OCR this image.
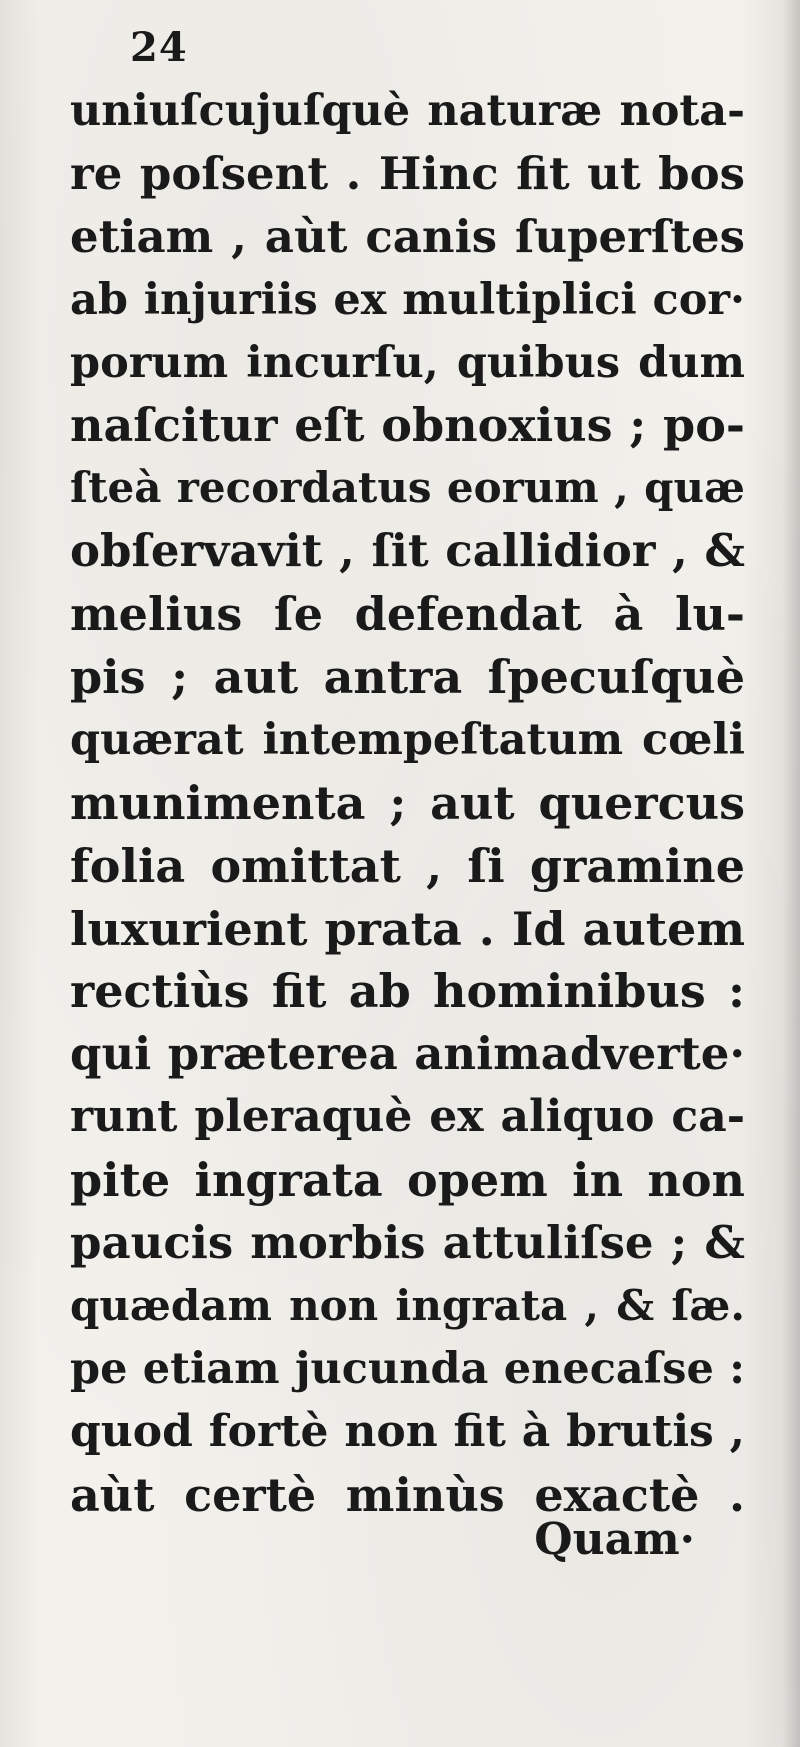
24
uniuſcujuſquè naturæ nota-
re poſsent . Hinc fit ut bos
etiam , aùt canis ſuperſtes
ab injuriis ex multiplici cor·
porum incurſu, quibus dum
naſcitur eſt obnoxius ; po-
ſteà recordatus eorum , quæ
obſervavit , ſit callidior , &
melius ſe defendat à lu-
pis ; aut antra ſpecuſquè
quærat intempeſtatum cœli
munimenta ; aut quercus
folia omittat , ſi gramine
luxurient prata . Id autem
rectiùs fit ab hominibus :
qui præterea animadverte·
runt pleraquè ex aliquo ca-
pite ingrata opem in non
paucis morbis attuliſse ; &
quædam non ingrata , & ſæ.
pe etiam jucunda enecaſse :
quod fortè non fit à brutis ,
aùt certè minùs exactè .
Quam·
